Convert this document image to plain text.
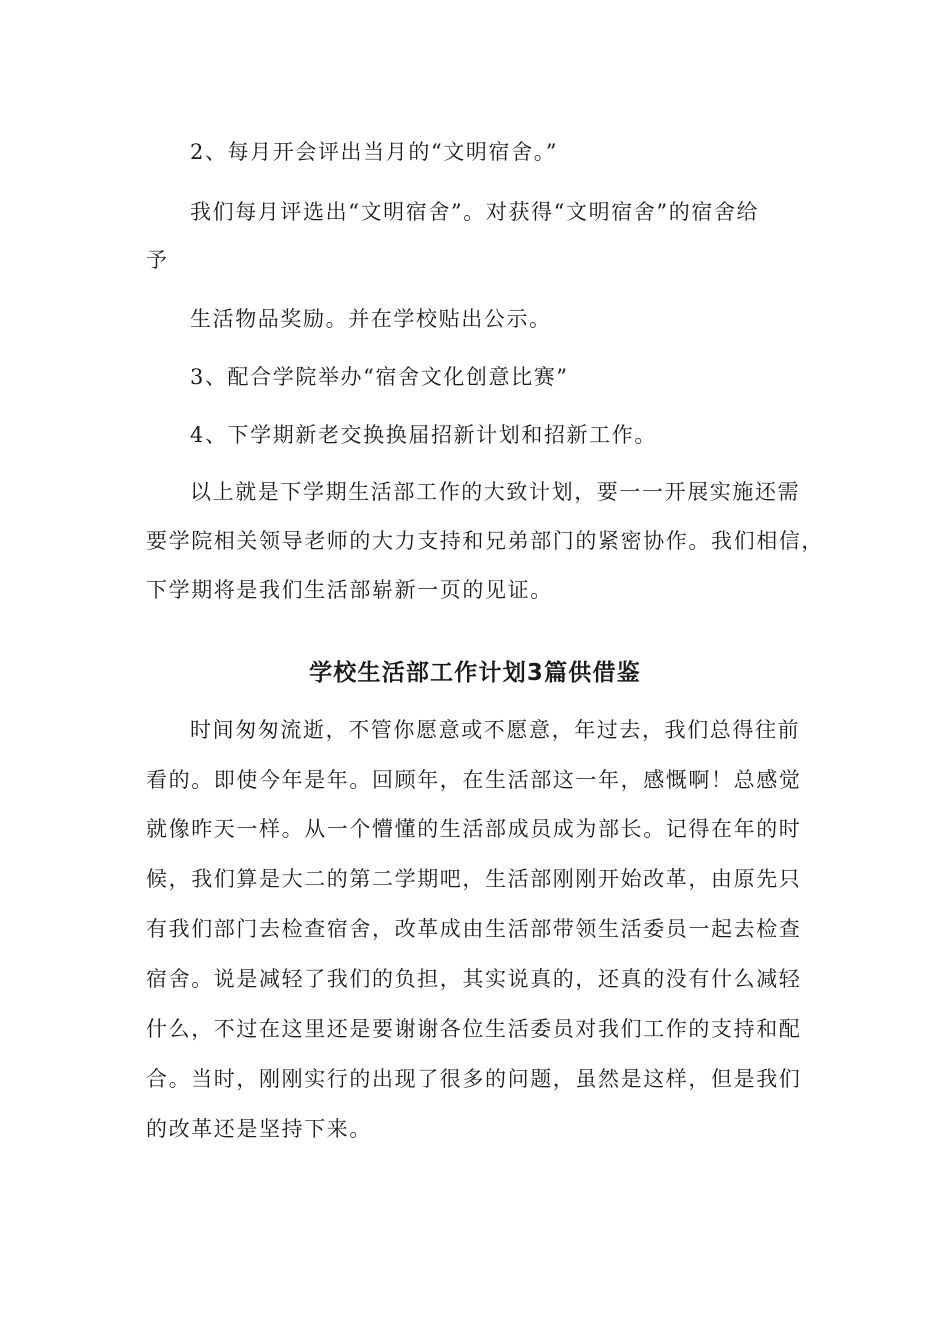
2、每月开会评出当月的“文明宿舍。”
我们每月评选出“文明宿舍”。对获得“文明宿舍”的宿舍给
予
生活物品奖励。并在学校贴出公示。
3、配合学院举办“宿舍文化创意比赛”
4、下学期新老交换换届招新计划和招新工作。
以上就是下学期生活部工作的大致计划，要一一开展实施还需
要学院相关领导老师的大力支持和兄弟部门的紧密协作。我们相信，
下学期将是我们生活部崭新一页的见证。
学校生活部工作计划3篇供借鉴
时间匆匆流逝，不管你愿意或不愿意，年过去，我们总得往前
看的。即使今年是年。回顾年，在生活部这一年，感慨啊！总感觉
就像昨天一样。从一个懵懂的生活部成员成为部长。记得在年的时
候，我们算是大二的第二学期吧，生活部刚刚开始改革，由原先只
有我们部门去检查宿舍，改革成由生活部带领生活委员一起去检查
宿舍。说是减轻了我们的负担，其实说真的，还真的没有什么减轻
什么，不过在这里还是要谢谢各位生活委员对我们工作的支持和配
合。当时，刚刚实行的出现了很多的问题，虽然是这样，但是我们
的改革还是坚持下来。
